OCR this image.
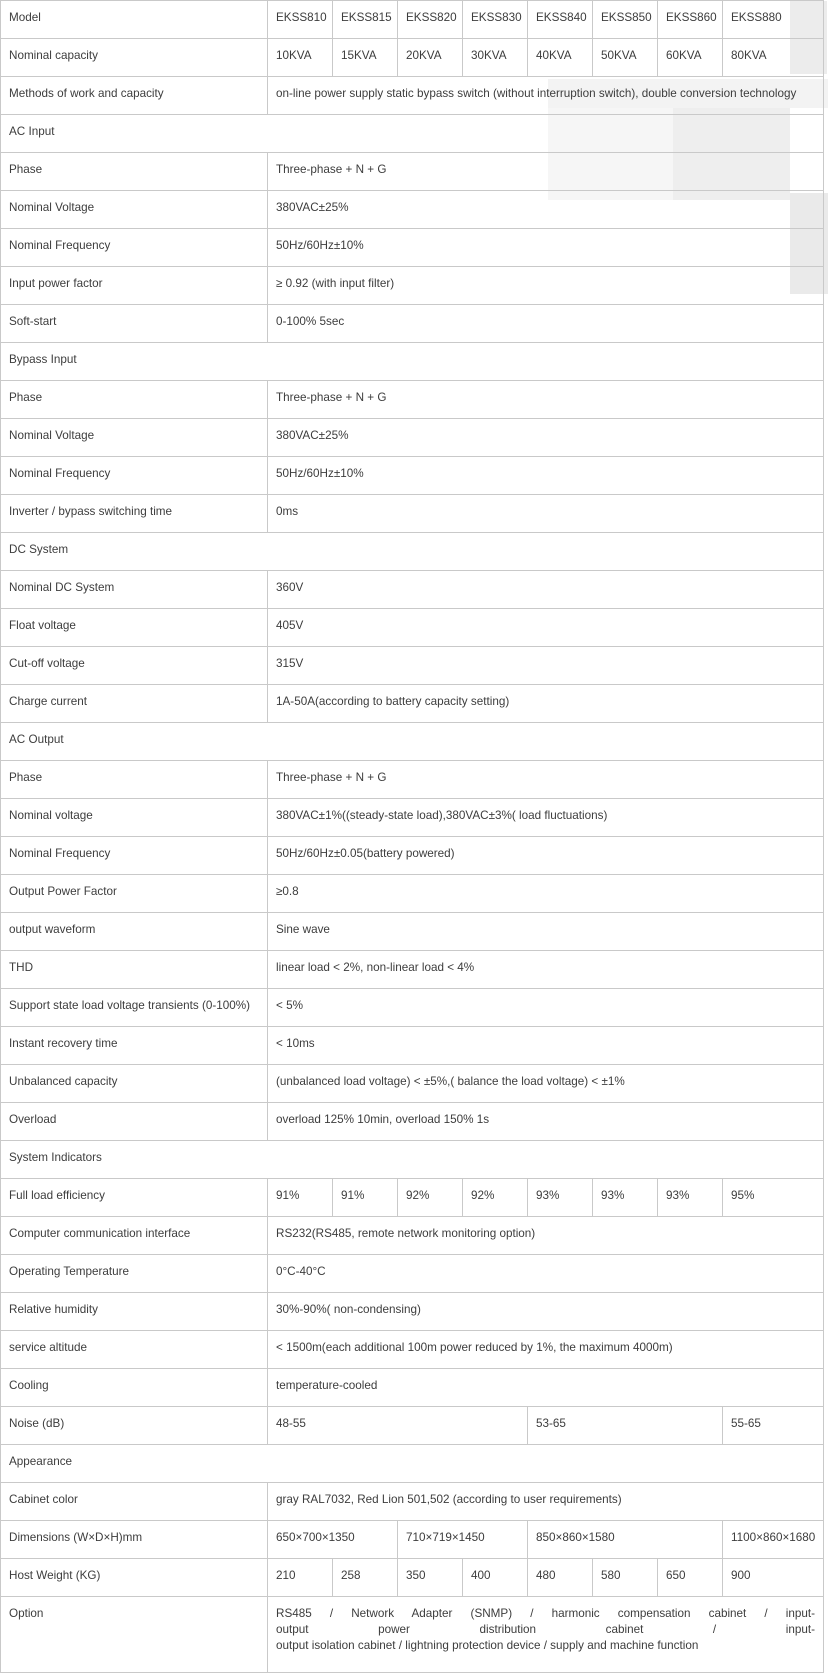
Model	EKSS810	EKSS815	EKSS820	EKSS830	EKSS840	EKSS850	EKSS860	EKSS880
Nominal capacity	10KVA	15KVA	20KVA	30KVA	40KVA	50KVA	60KVA	80KVA
Methods of work and capacity	on-line power supply static bypass switch (without interruption switch), double conversion technology							
AC Input								
Phase	Three-phase + N + G							
Nominal Voltage	380VAC±25%							
Nominal Frequency	50Hz/60Hz±10%							
Input power factor	≥ 0.92 (with input filter)							
Soft-start	0-100% 5sec							
Bypass Input								
Phase	Three-phase + N + G							
Nominal Voltage	380VAC±25%							
Nominal Frequency	50Hz/60Hz±10%							
Inverter / bypass switching time	0ms							
DC System								
Nominal DC System	360V							
Float voltage	405V							
Cut-off voltage	315V							
Charge current	1A-50A(according to battery capacity setting)							
AC Output								
Phase	Three-phase + N + G							
Nominal voltage	380VAC±1%((steady-state load),380VAC±3%( load fluctuations)							
Nominal Frequency	50Hz/60Hz±0.05(battery powered)							
Output Power Factor	≥0.8							
output waveform	Sine wave							
THD	linear load ˂ 2%, non-linear load ˂ 4%							
Support state load voltage transients (0-100%)	˂ 5%							
Instant recovery time	˂ 10ms							
Unbalanced capacity	(unbalanced load voltage) ˂ ±5%,( balance the load voltage) ˂ ±1%							
Overload	overload 125% 10min, overload 150% 1s							
System Indicators								
Full load efficiency	91%	91%	92%	92%	93%	93%	93%	95%
Computer communication interface	RS232(RS485, remote network monitoring option)							
Operating Temperature	0°C-40°C							
Relative humidity	30%-90%( non-condensing)							
service altitude	˂ 1500m(each additional 100m power reduced by 1%, the maximum 4000m)							
Cooling	temperature-cooled							
Noise (dB)	48-55				53-65			55-65
Appearance								
Cabinet color	gray RAL7032, Red Lion 501,502 (according to user requirements)							
Dimensions (W×D×H)mm	650×700×1350		710×719×1450		850×860×1580			1100×860×1680
Host Weight (KG)	210	258	350	400	480	580	650	900
Option	RS485 / Network Adapter (SNMP) / harmonic compensation cabinet / input-
output power distribution cabinet / input-
output isolation cabinet / lightning protection device / supply and machine function							
